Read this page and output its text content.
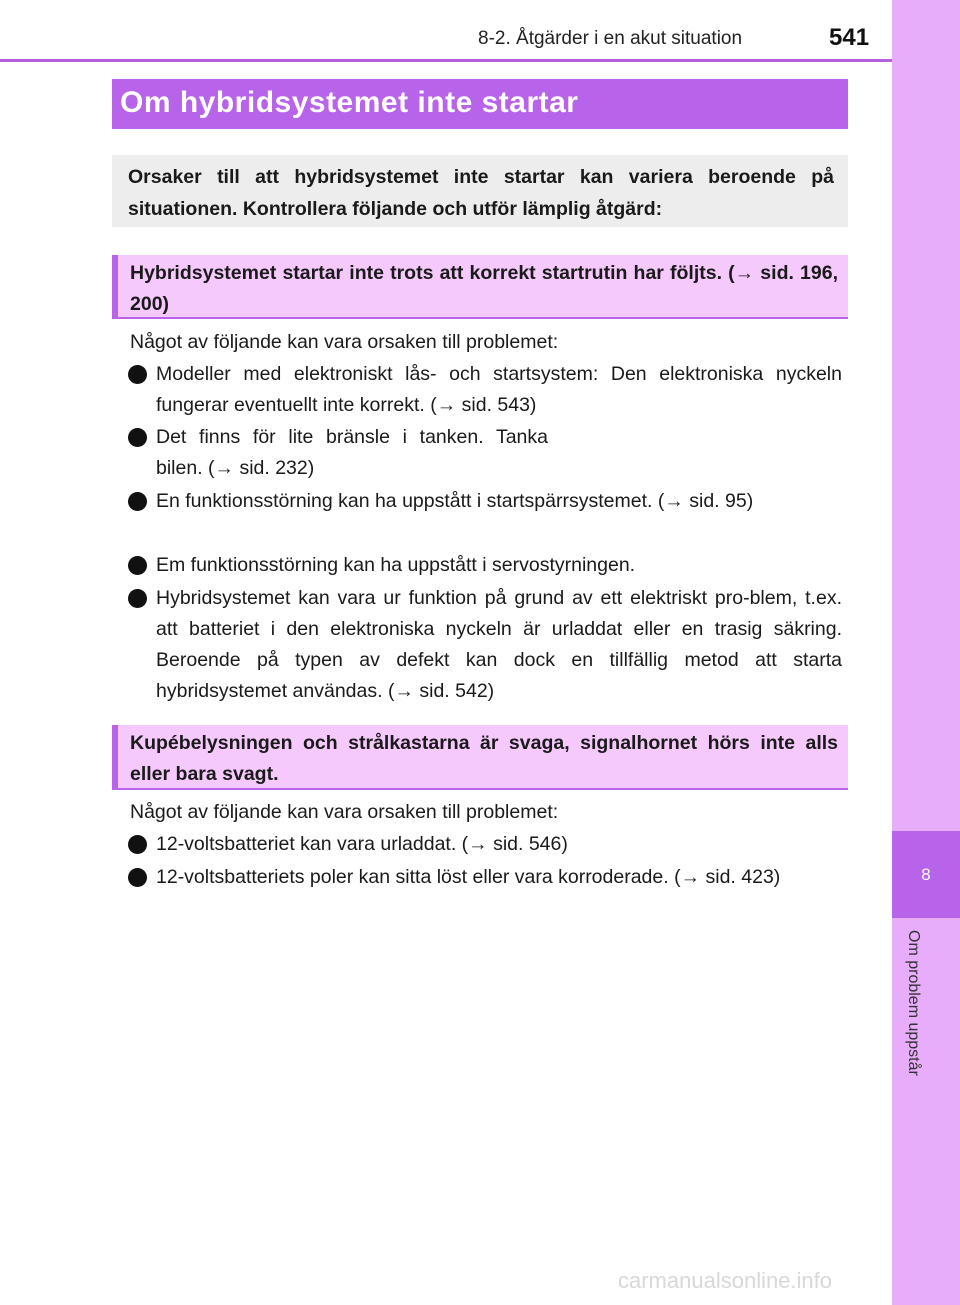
8-2. Åtgärder i en akut situation	541
8
Om problem uppstår
Om hybridsystemet inte startar
Orsaker till att hybridsystemet inte startar kan variera beroende på situationen. Kontrollera följande och utför lämplig åtgärd:
Hybridsystemet startar inte trots att korrekt startrutin har följts. (→ sid. 196, 200)
Något av följande kan vara orsaken till problemet:
Modeller med elektroniskt lås- och startsystem: Den elektroniska nyckeln fungerar eventuellt inte korrekt. (→ sid. 543)
Det finns för lite bränsle i tanken. Tanka bilen. (→ sid. 232)
En funktionsstörning kan ha uppstått i startspärrsystemet. (→ sid. 95)
Em funktionsstörning kan ha uppstått i servostyrningen.
Hybridsystemet kan vara ur funktion på grund av ett elektriskt pro-blem, t.ex. att batteriet i den elektroniska nyckeln är urladdat eller en trasig säkring. Beroende på typen av defekt kan dock en tillfällig metod att starta hybridsystemet användas. (→ sid. 542)
Kupébelysningen och strålkastarna är svaga, signalhornet hörs inte alls eller bara svagt.
Något av följande kan vara orsaken till problemet:
12-voltsbatteriet kan vara urladdat. (→ sid. 546)
12-voltsbatteriets poler kan sitta löst eller vara korroderade. (→ sid. 423)
carmanualsonline.info
